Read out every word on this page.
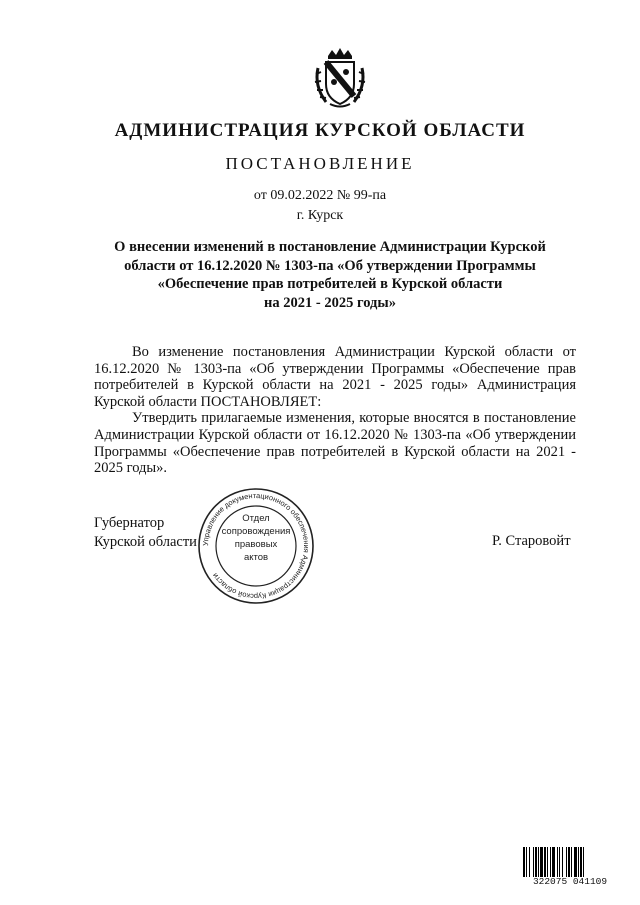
АДМИНИСТРАЦИЯ КУРСКОЙ ОБЛАСТИ
ПОСТАНОВЛЕНИЕ
от 09.02.2022 № 99-па
г. Курск
О внесении изменений в постановление Администрации Курской
области от 16.12.2020 № 1303-па «Об утверждении Программы
«Обеспечение прав потребителей в Курской области
на 2021 - 2025 годы»

Во изменение постановления Администрации Курской области от 16.12.2020 № 1303-па «Об утверждении Программы «Обеспечение прав потребителей в Курской области на 2021 - 2025 годы» Администрация Курской области ПОСТАНОВЛЯЕТ:

Утвердить прилагаемые изменения, которые вносятся в постановление Администрации Курской области от 16.12.2020 № 1303-па «Об утверждении Программы «Обеспечение прав потребителей в Курской области на 2021 - 2025 годы».

Управление документационного обеспечения Администрации Курской области
Отдел
сопровождения
правовых
актов
Губернатор
Курской области	Р. Старовойт
322075 041109
